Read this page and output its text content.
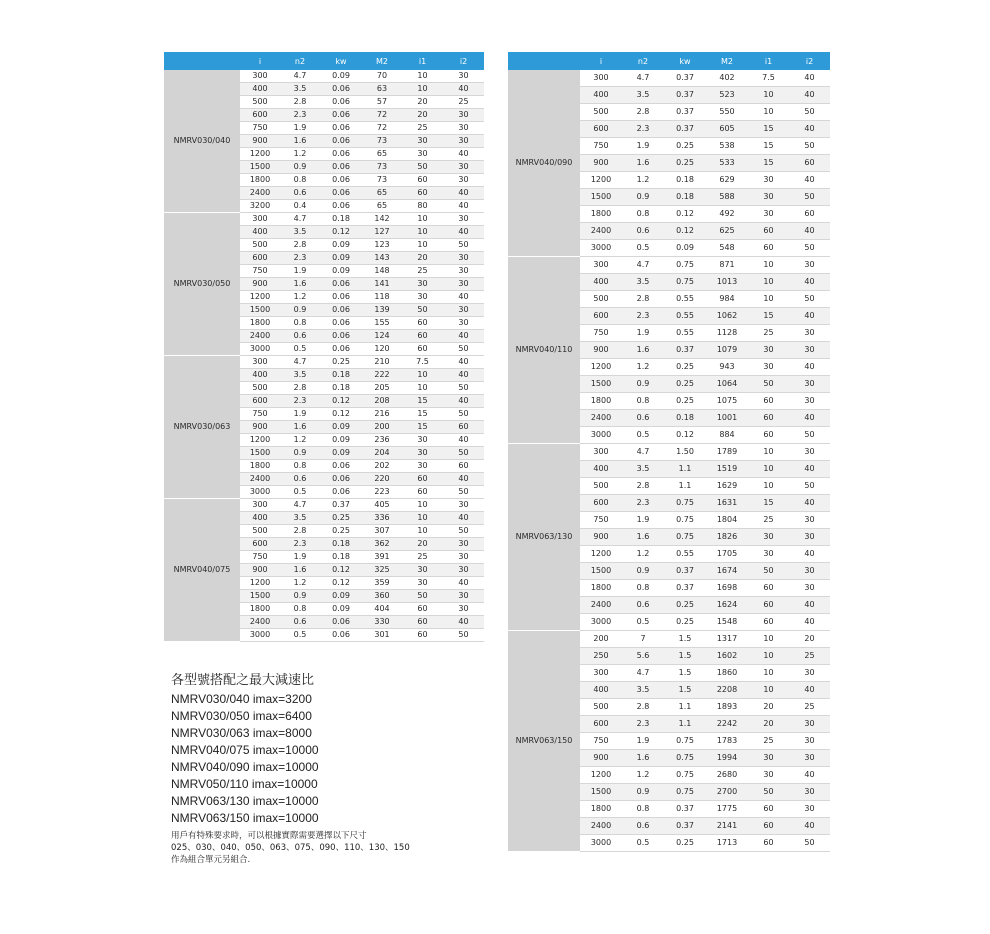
	i	n2	kw	M2	i1	i2
NMRV030/040	300	4.7	0.09	70	10	30
	400	3.5	0.06	63	10	40
	500	2.8	0.06	57	20	25
	600	2.3	0.06	72	20	30
	750	1.9	0.06	72	25	30
	900	1.6	0.06	73	30	30
	1200	1.2	0.06	65	30	40
	1500	0.9	0.06	73	50	30
	1800	0.8	0.06	73	60	30
	2400	0.6	0.06	65	60	40
	3200	0.4	0.06	65	80	40
NMRV030/050	300	4.7	0.18	142	10	30
	400	3.5	0.12	127	10	40
	500	2.8	0.09	123	10	50
	600	2.3	0.09	143	20	30
	750	1.9	0.09	148	25	30
	900	1.6	0.06	141	30	30
	1200	1.2	0.06	118	30	40
	1500	0.9	0.06	139	50	30
	1800	0.8	0.06	155	60	30
	2400	0.6	0.06	124	60	40
	3000	0.5	0.06	120	60	50
NMRV030/063	300	4.7	0.25	210	7.5	40
	400	3.5	0.18	222	10	40
	500	2.8	0.18	205	10	50
	600	2.3	0.12	208	15	40
	750	1.9	0.12	216	15	50
	900	1.6	0.09	200	15	60
	1200	1.2	0.09	236	30	40
	1500	0.9	0.09	204	30	50
	1800	0.8	0.06	202	30	60
	2400	0.6	0.06	220	60	40
	3000	0.5	0.06	223	60	50
NMRV040/075	300	4.7	0.37	405	10	30
	400	3.5	0.25	336	10	40
	500	2.8	0.25	307	10	50
	600	2.3	0.18	362	20	30
	750	1.9	0.18	391	25	30
	900	1.6	0.12	325	30	30
	1200	1.2	0.12	359	30	40
	1500	0.9	0.09	360	50	30
	1800	0.8	0.09	404	60	30
	2400	0.6	0.06	330	60	40
	3000	0.5	0.06	301	60	50
	i	n2	kw	M2	i1	i2
NMRV040/090	300	4.7	0.37	402	7.5	40
	400	3.5	0.37	523	10	40
	500	2.8	0.37	550	10	50
	600	2.3	0.37	605	15	40
	750	1.9	0.25	538	15	50
	900	1.6	0.25	533	15	60
	1200	1.2	0.18	629	30	40
	1500	0.9	0.18	588	30	50
	1800	0.8	0.12	492	30	60
	2400	0.6	0.12	625	60	40
	3000	0.5	0.09	548	60	50
NMRV040/110	300	4.7	0.75	871	10	30
	400	3.5	0.75	1013	10	40
	500	2.8	0.55	984	10	50
	600	2.3	0.55	1062	15	40
	750	1.9	0.55	1128	25	30
	900	1.6	0.37	1079	30	30
	1200	1.2	0.25	943	30	40
	1500	0.9	0.25	1064	50	30
	1800	0.8	0.25	1075	60	30
	2400	0.6	0.18	1001	60	40
	3000	0.5	0.12	884	60	50
NMRV063/130	300	4.7	1.50	1789	10	30
	400	3.5	1.1	1519	10	40
	500	2.8	1.1	1629	10	50
	600	2.3	0.75	1631	15	40
	750	1.9	0.75	1804	25	30
	900	1.6	0.75	1826	30	30
	1200	1.2	0.55	1705	30	40
	1500	0.9	0.37	1674	50	30
	1800	0.8	0.37	1698	60	30
	2400	0.6	0.25	1624	60	40
	3000	0.5	0.25	1548	60	40
NMRV063/150	200	7	1.5	1317	10	20
	250	5.6	1.5	1602	10	25
	300	4.7	1.5	1860	10	30
	400	3.5	1.5	2208	10	40
	500	2.8	1.1	1893	20	25
	600	2.3	1.1	2242	20	30
	750	1.9	0.75	1783	25	30
	900	1.6	0.75	1994	30	30
	1200	1.2	0.75	2680	30	40
	1500	0.9	0.75	2700	50	30
	1800	0.8	0.37	1775	60	30
	2400	0.6	0.37	2141	60	40
	3000	0.5	0.25	1713	60	50
各型號搭配之最大減速比
NMRV030/040 imax=3200
NMRV030/050 imax=6400
NMRV030/063 imax=8000
NMRV040/075 imax=10000
NMRV040/090 imax=10000
NMRV050/110 imax=10000
NMRV063/130 imax=10000
NMRV063/150 imax=10000
用戶有特殊要求時，可以根據實際需要選擇以下尺寸
025、030、040、050、063、075、090、110、130、150
作為組合單元另組合.
